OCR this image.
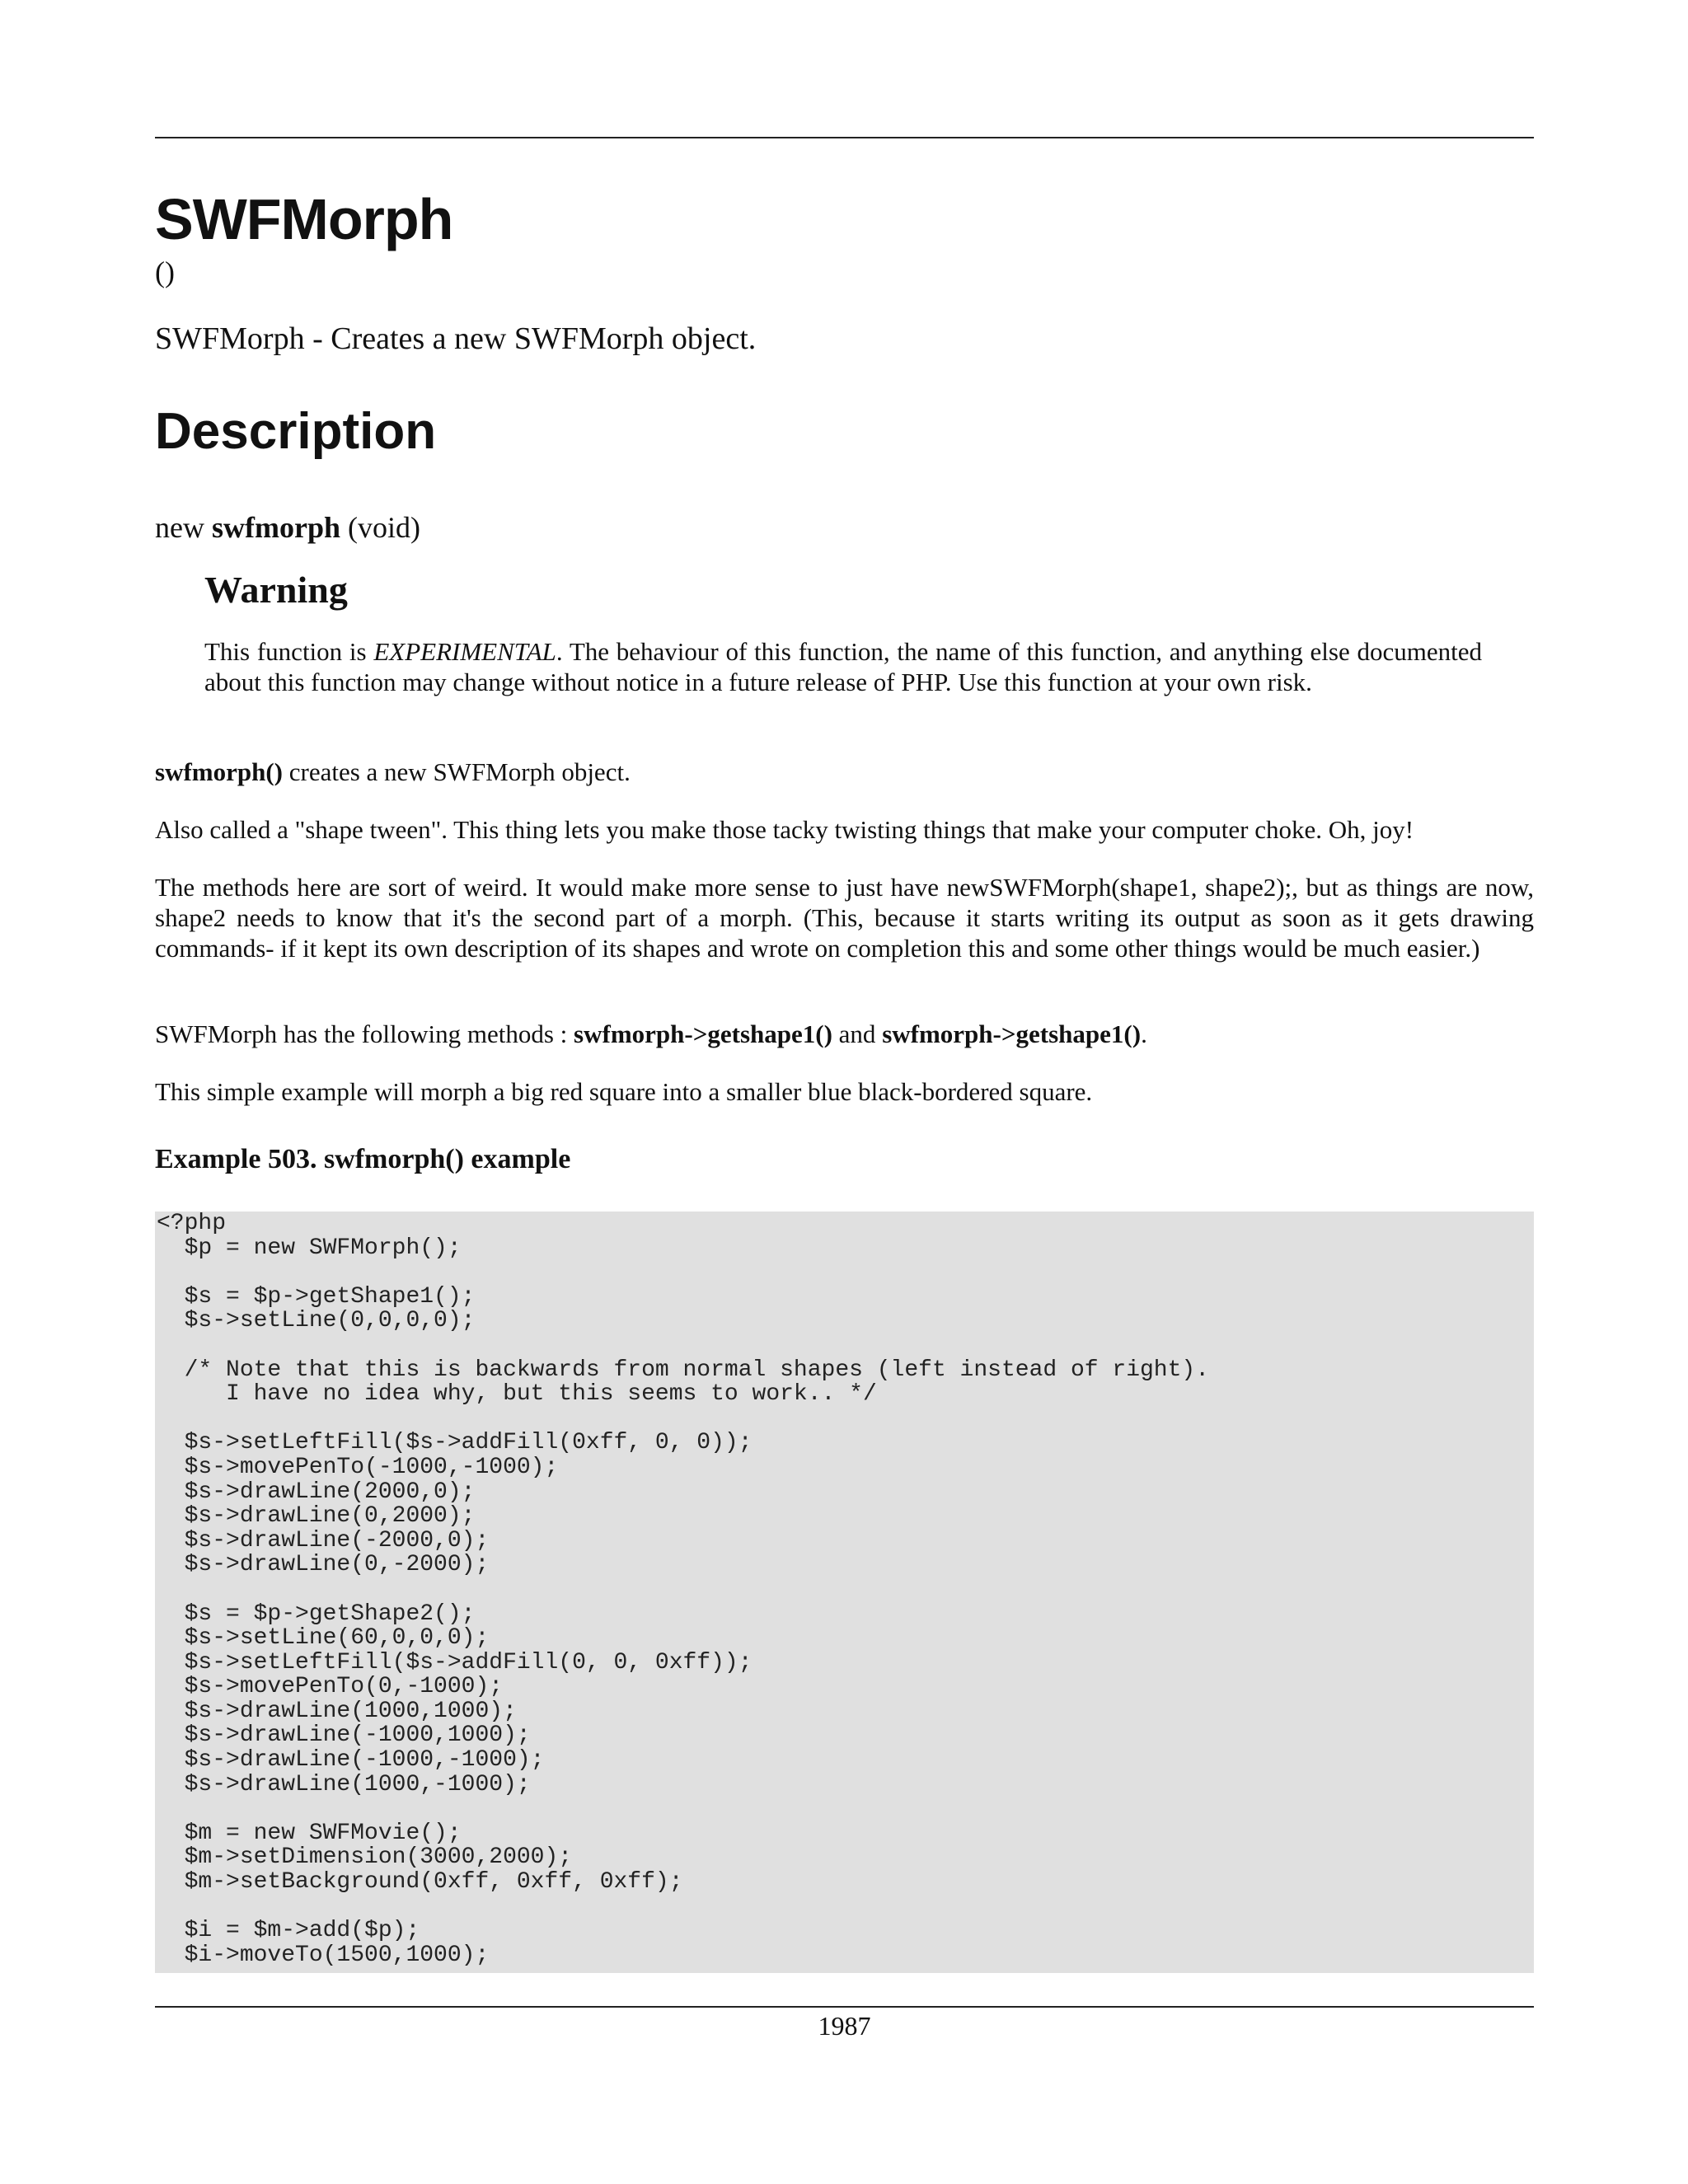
SWFMorph
()
SWFMorph - Creates a new SWFMorph object.
Description
new swfmorph (void)
Warning
This function is EXPERIMENTAL. The behaviour of this function, the name of this function, and anything else documented about this function may change without notice in a future release of PHP. Use this function at your own risk.
swfmorph() creates a new SWFMorph object.
Also called a "shape tween". This thing lets you make those tacky twisting things that make your computer choke. Oh, joy!
The methods here are sort of weird. It would make more sense to just have newSWFMorph(shape1, shape2);, but as things are now, shape2 needs to know that it's the second part of a morph. (This, because it starts writing its output as soon as it gets drawing commands- if it kept its own description of its shapes and wrote on completion this and some other things would be much easier.)
SWFMorph has the following methods : swfmorph->getshape1() and swfmorph->getshape1().
This simple example will morph a big red square into a smaller blue black-bordered square.
Example 503. swfmorph() example
<?php
$p = new SWFMorph();

$s = $p->getShape1();
$s->setLine(0,0,0,0);

/* Note that this is backwards from normal shapes (left instead of right).
I have no idea why, but this seems to work.. */

$s->setLeftFill($s->addFill(0xff, 0, 0));
$s->movePenTo(-1000,-1000);
$s->drawLine(2000,0);
$s->drawLine(0,2000);
$s->drawLine(-2000,0);
$s->drawLine(0,-2000);

$s = $p->getShape2();
$s->setLine(60,0,0,0);
$s->setLeftFill($s->addFill(0, 0, 0xff));
$s->movePenTo(0,-1000);
$s->drawLine(1000,1000);
$s->drawLine(-1000,1000);
$s->drawLine(-1000,-1000);
$s->drawLine(1000,-1000);

$m = new SWFMovie();
$m->setDimension(3000,2000);
$m->setBackground(0xff, 0xff, 0xff);

$i = $m->add($p);
$i->moveTo(1500,1000);
1987
